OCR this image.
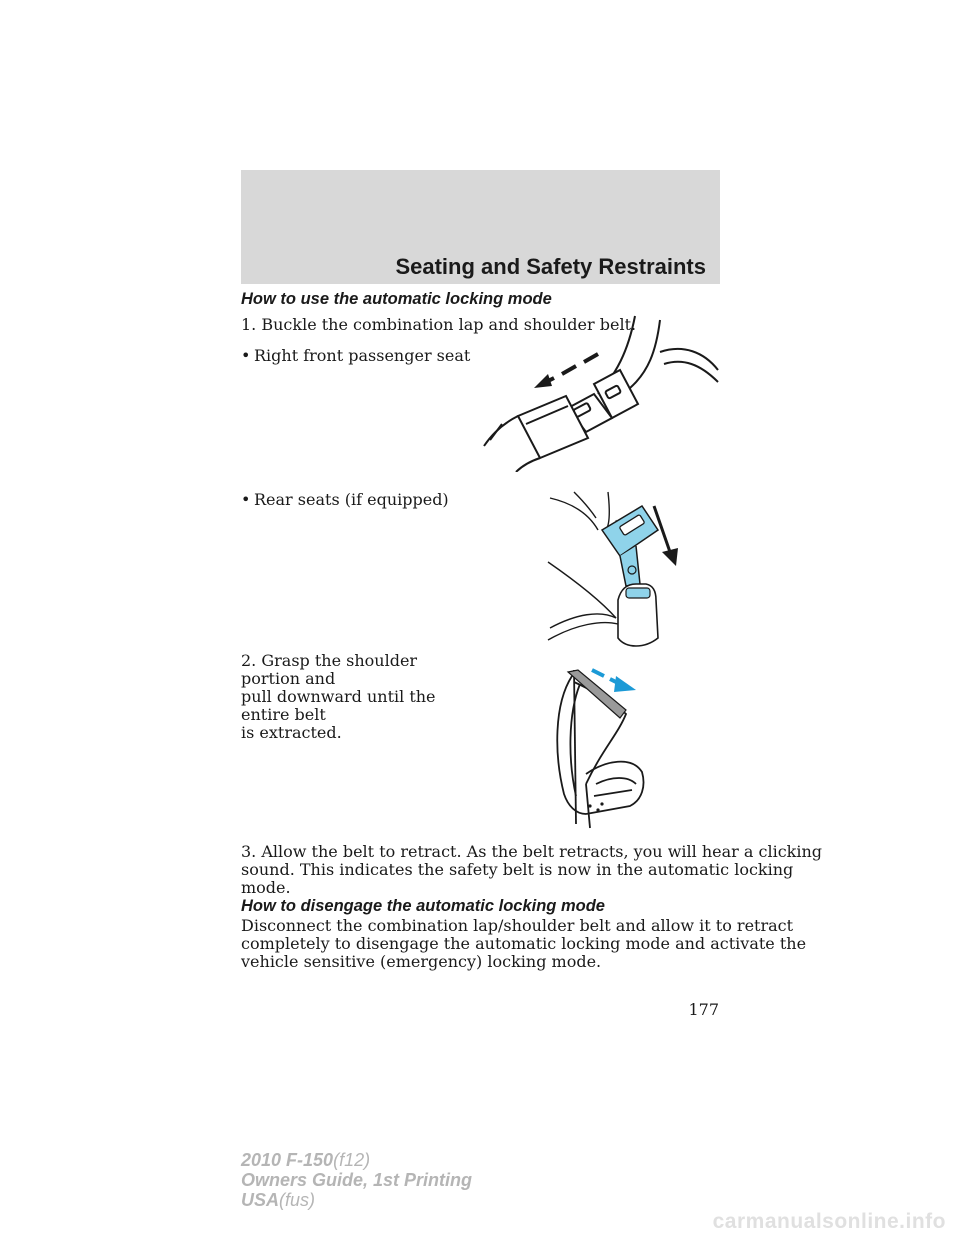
Seating and Safety Restraints
How to use the automatic locking mode
1. Buckle the combination lap and shoulder belt.
• Right front passenger seat
• Rear seats (if equipped)
2. Grasp the shoulder portion and
pull downward until the entire belt
is extracted.
3. Allow the belt to retract. As the belt retracts, you will hear a clicking
sound. This indicates the safety belt is now in the automatic locking
mode.
How to disengage the automatic locking mode
Disconnect the combination lap/shoulder belt and allow it to retract
completely to disengage the automatic locking mode and activate the
vehicle sensitive (emergency) locking mode.
177
2010 F-150(f12)
Owners Guide, 1st Printing
USA(fus)
carmanualsonline.info
